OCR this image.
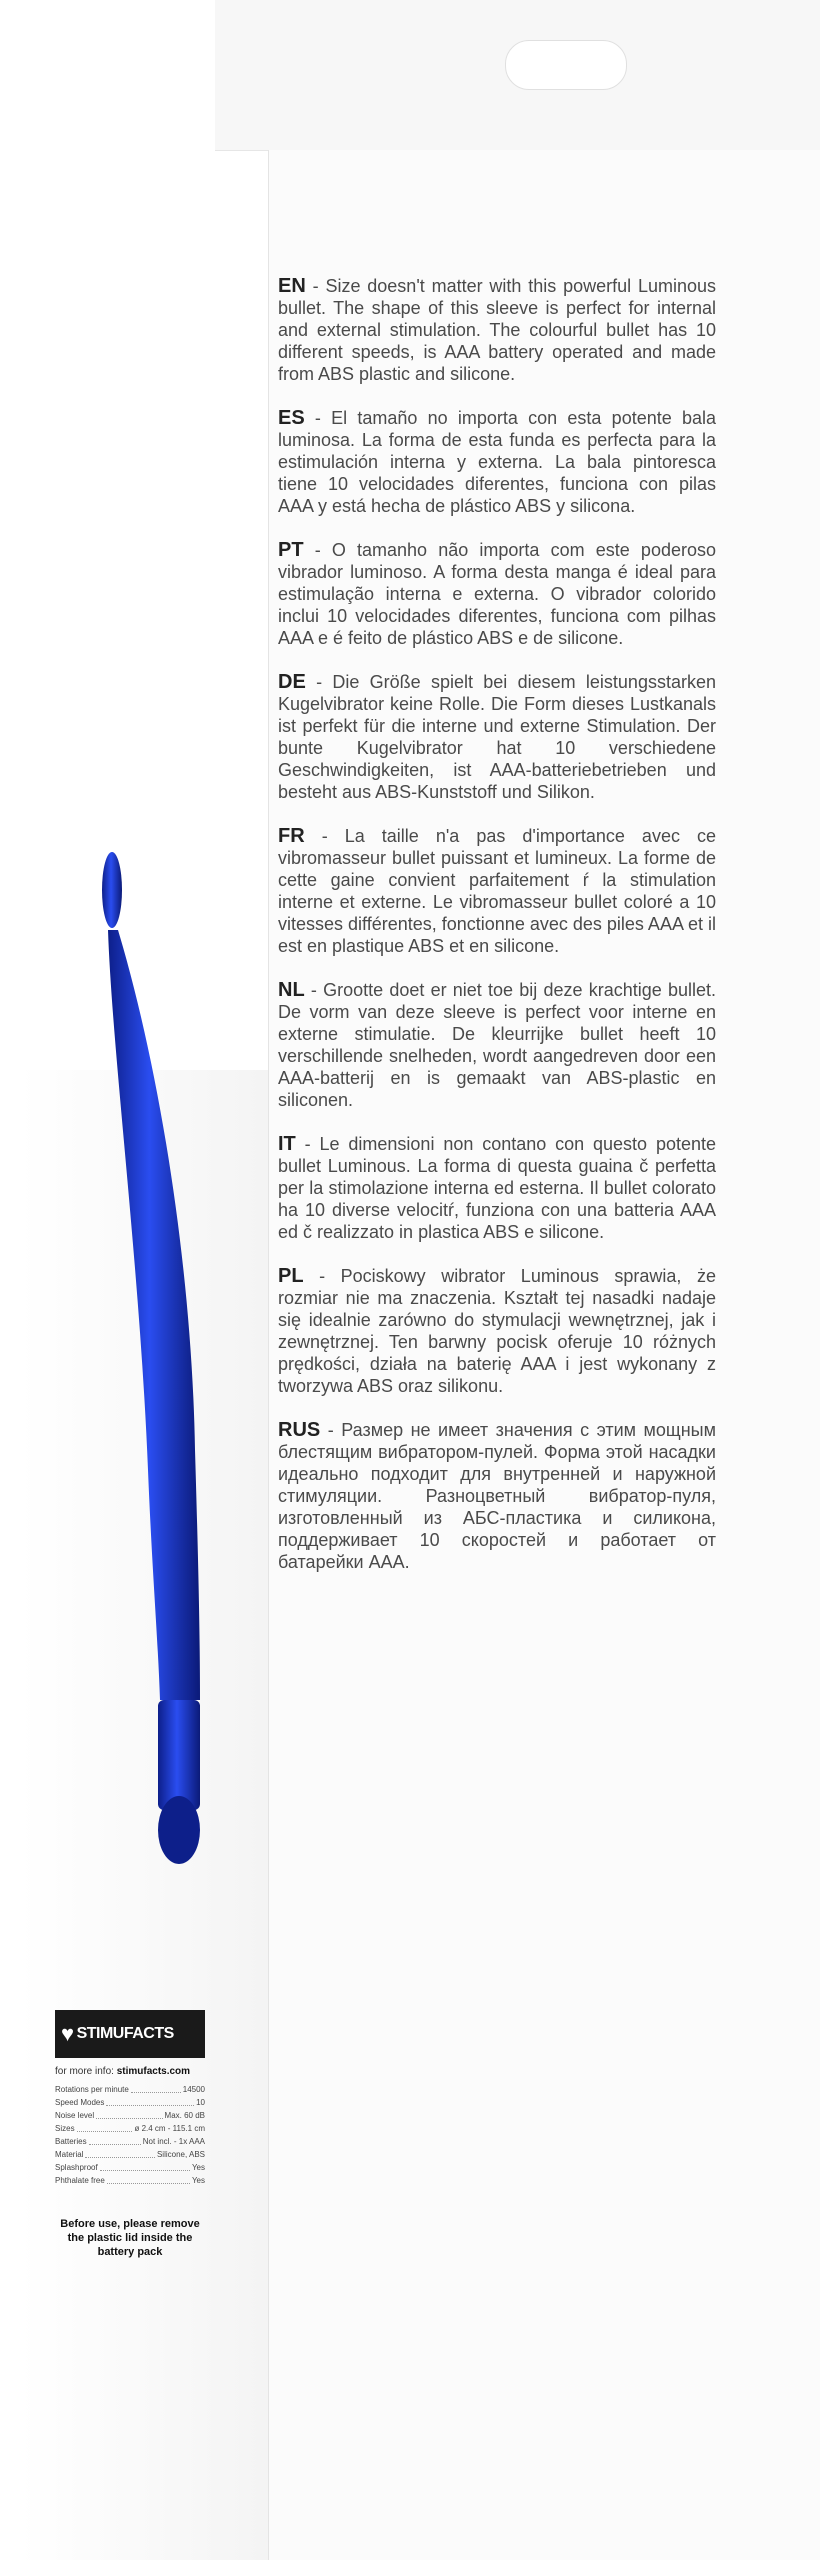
EN - Size doesn't matter with this powerful Luminous bullet. The shape of this sleeve is perfect for internal and external stimulation. The colourful bullet has 10 different speeds, is AAA battery operated and made from ABS plastic and silicone.

ES - El tamaño no importa con esta potente bala luminosa. La forma de esta funda es perfecta para la estimulación interna y externa. La bala pintoresca tiene 10 velocidades diferentes, funciona con pilas AAA y está hecha de plástico ABS y silicona.

PT - O tamanho não importa com este poderoso vibrador luminoso. A forma desta manga é ideal para estimulação interna e externa. O vibrador colorido inclui 10 velocidades diferentes, funciona com pilhas AAA e é feito de plástico ABS e de silicone.

DE - Die Größe spielt bei diesem leistungsstarken Kugelvibrator keine Rolle. Die Form dieses Lustkanals ist perfekt für die interne und externe Stimulation. Der bunte Kugelvibrator hat 10 verschiedene Geschwindigkeiten, ist AAA-batteriebetrieben und besteht aus ABS-Kunststoff und Silikon.

FR - La taille n'a pas d'importance avec ce vibromasseur bullet puissant et lumineux. La forme de cette gaine convient parfaitement ŕ la stimulation interne et externe. Le vibromasseur bullet coloré a 10 vitesses différentes, fonctionne avec des piles AAA et il est en plastique ABS et en silicone.

NL - Grootte doet er niet toe bij deze krachtige bullet. De vorm van deze sleeve is perfect voor interne en externe stimulatie. De kleurrijke bullet heeft 10 verschillende snelheden, wordt aangedreven door een AAA-batterij en is gemaakt van ABS-plastic en siliconen.

IT - Le dimensioni non contano con questo potente bullet Luminous. La forma di questa guaina č perfetta per la stimolazione interna ed esterna. Il bullet colorato ha 10 diverse velocitŕ, funziona con una batteria AAA ed č realizzato in plastica ABS e silicone.

PL - Pociskowy wibrator Luminous sprawia, że rozmiar nie ma znaczenia. Kształt tej nasadki nadaje się idealnie zarówno do stymulacji wewnętrznej, jak i zewnętrznej. Ten barwny pocisk oferuje 10 różnych prędkości, działa na baterię AAA i jest wykonany z tworzywa ABS oraz silikonu.

RUS - Размер не имеет значения с этим мощным блестящим вибратором-пулей. Форма этой насадки идеально подходит для внутренней и наружной стимуляции. Разноцветный вибратор-пуля, изготовленный из АБС-пластика и силикона, поддерживает 10 скоростей и работает от батарейки ААА.

♥ STIMUFACTS
for more info: stimufacts.com
Rotations per minute	14500
Speed Modes	10
Noise level	Max. 60 dB
Sizes	ø 2.4 cm - 115.1 cm
Batteries	Not incl. - 1x AAA
Material	Silicone, ABS
Splashproof	Yes
Phthalate free	Yes
Before use, please remove the plastic lid inside the battery pack
